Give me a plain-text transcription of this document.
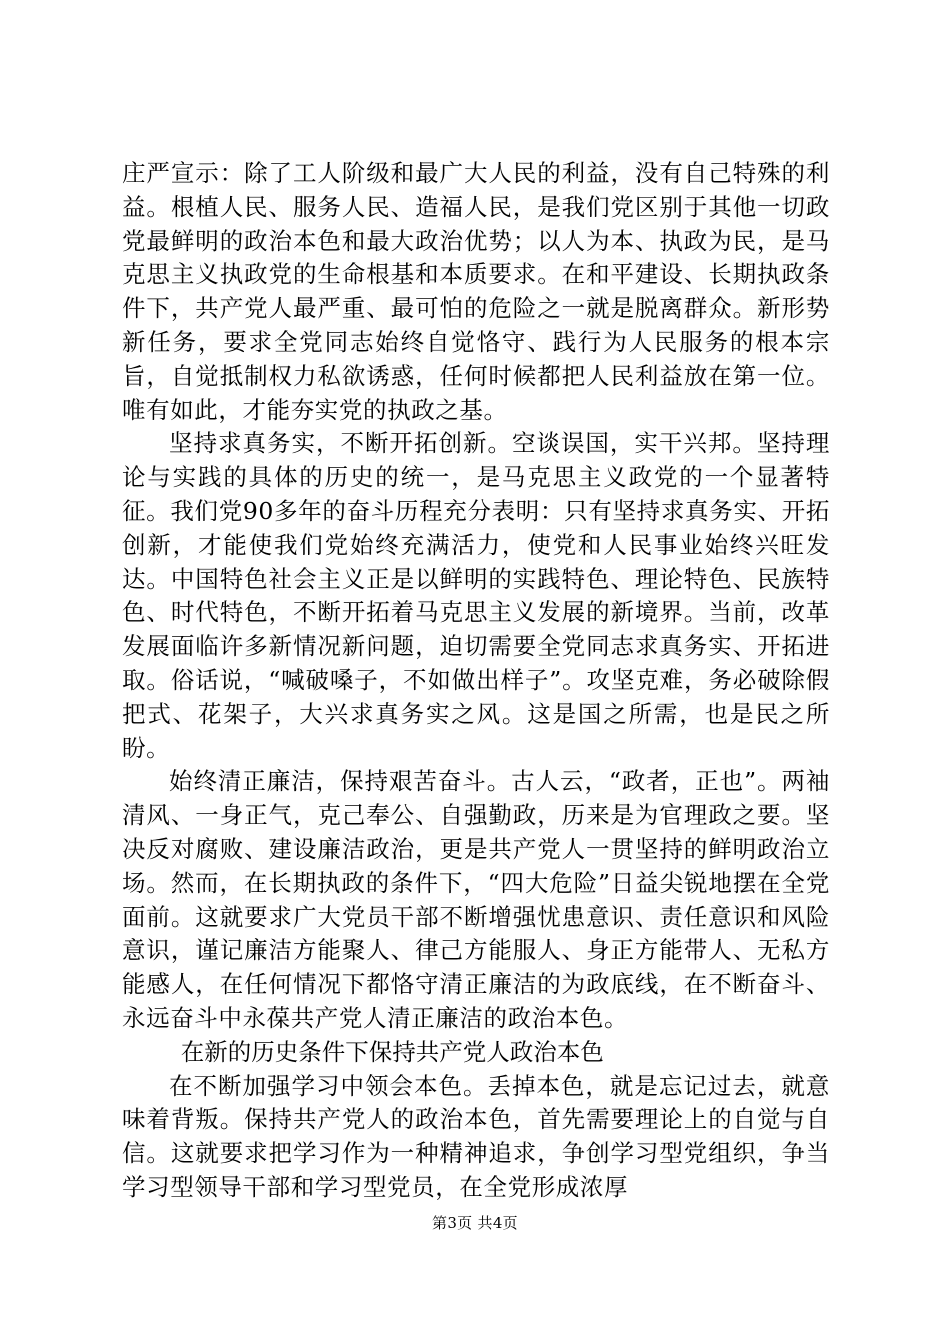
庄严宣示：除了工人阶级和最广大人民的利益，没有自己特殊的利益。根植人民、服务人民、造福人民，是我们党区别于其他一切政党最鲜明的政治本色和最大政治优势；以人为本、执政为民，是马克思主义执政党的生命根基和本质要求。在和平建设、长期执政条件下，共产党人最严重、最可怕的危险之一就是脱离群众。新形势新任务，要求全党同志始终自觉恪守、践行为人民服务的根本宗旨，自觉抵制权力私欲诱惑，任何时候都把人民利益放在第一位。唯有如此，才能夯实党的执政之基。

坚持求真务实，不断开拓创新。空谈误国，实干兴邦。坚持理论与实践的具体的历史的统一，是马克思主义政党的一个显著特征。我们党90多年的奋斗历程充分表明：只有坚持求真务实、开拓创新，才能使我们党始终充满活力，使党和人民事业始终兴旺发达。中国特色社会主义正是以鲜明的实践特色、理论特色、民族特色、时代特色，不断开拓着马克思主义发展的新境界。当前，改革发展面临许多新情况新问题，迫切需要全党同志求真务实、开拓进取。俗话说，“喊破嗓子，不如做出样子”。攻坚克难，务必破除假把式、花架子，大兴求真务实之风。这是国之所需，也是民之所盼。

始终清正廉洁，保持艰苦奋斗。古人云，“政者，正也”。两袖清风、一身正气，克己奉公、自强勤政，历来是为官理政之要。坚决反对腐败、建设廉洁政治，更是共产党人一贯坚持的鲜明政治立场。然而，在长期执政的条件下，“四大危险”日益尖锐地摆在全党面前。这就要求广大党员干部不断增强忧患意识、责任意识和风险意识，谨记廉洁方能聚人、律己方能服人、身正方能带人、无私方能感人，在任何情况下都恪守清正廉洁的为政底线，在不断奋斗、永远奋斗中永葆共产党人清正廉洁的政治本色。

在新的历史条件下保持共产党人政治本色

在不断加强学习中领会本色。丢掉本色，就是忘记过去，就意味着背叛。保持共产党人的政治本色，首先需要理论上的自觉与自信。这就要求把学习作为一种精神追求，争创学习型党组织，争当学习型领导干部和学习型党员，在全党形成浓厚

第3页 共4页
